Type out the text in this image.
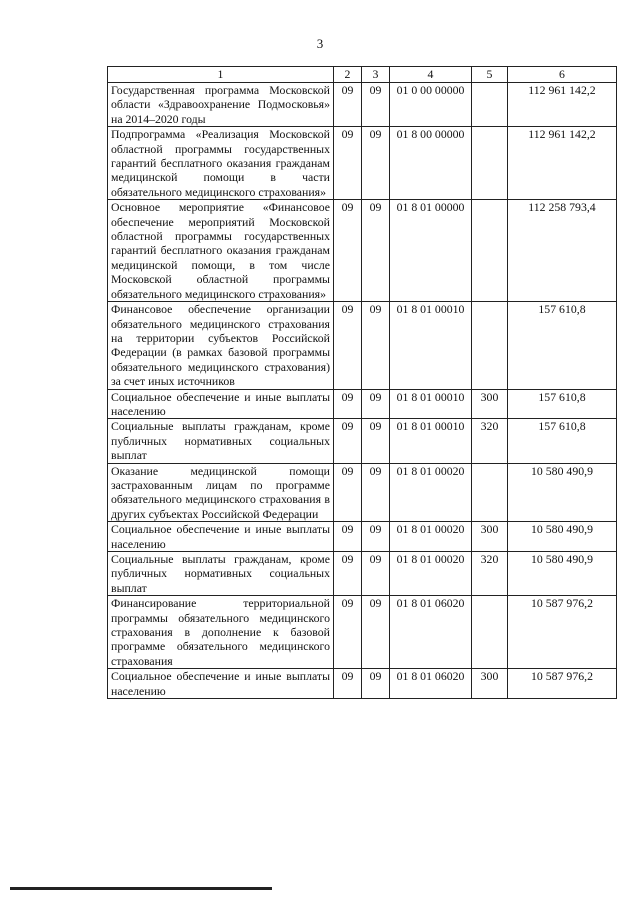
3
1	2	3	4	5	6
Государственная программа Московской области «Здравоохранение Подмосковья» на 2014–2020 годы	09	09	01 0 00 00000		112 961 142,2
Подпрограмма «Реализация Московской областной программы государственных гарантий бесплатного оказания гражданам медицинской помощи в части обязательного медицинского страхования»	09	09	01 8 00 00000		112 961 142,2
Основное мероприятие «Финансовое обеспечение мероприятий Московской областной программы государственных гарантий бесплатного оказания гражданам медицинской помощи, в том числе Московской областной программы обязательного медицинского страхования»	09	09	01 8 01 00000		112 258 793,4
Финансовое обеспечение организации обязательного медицинского страхования на территории субъектов Российской Федерации (в рамках базовой программы обязательного медицинского страхования) за счет иных источников	09	09	01 8 01 00010		157 610,8
Социальное обеспечение и иные выплаты населению	09	09	01 8 01 00010	300	157 610,8
Социальные выплаты гражданам, кроме публичных нормативных социальных выплат	09	09	01 8 01 00010	320	157 610,8
Оказание медицинской помощи застрахованным лицам по программе обязательного медицинского страхования в других субъектах Российской Федерации	09	09	01 8 01 00020		10 580 490,9
Социальное обеспечение и иные выплаты населению	09	09	01 8 01 00020	300	10 580 490,9
Социальные выплаты гражданам, кроме публичных нормативных социальных выплат	09	09	01 8 01 00020	320	10 580 490,9
Финансирование территориальной программы обязательного медицинского страхования в дополнение к базовой программе обязательного медицинского страхования	09	09	01 8 01 06020		10 587 976,2
Социальное обеспечение и иные выплаты населению	09	09	01 8 01 06020	300	10 587 976,2
